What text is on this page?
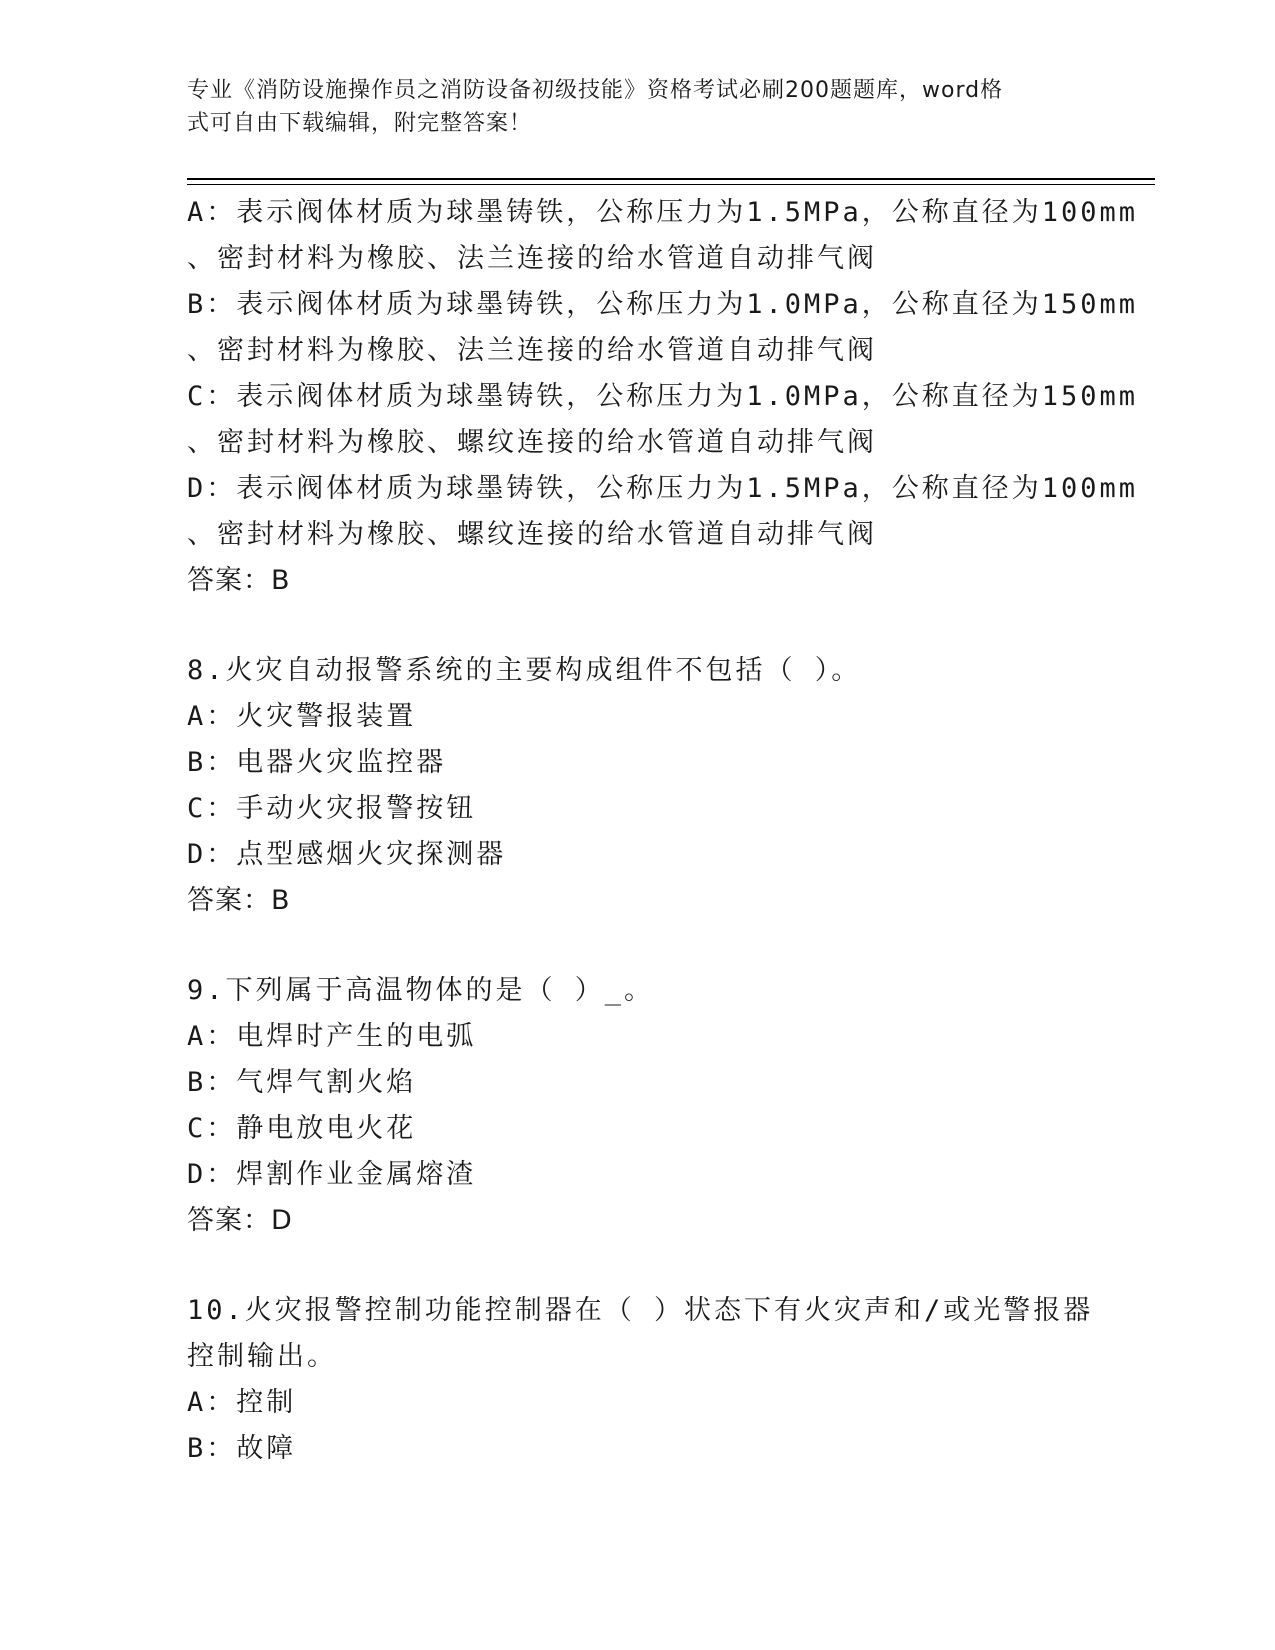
专业《消防设施操作员之消防设备初级技能》资格考试必刷200题题库，word格
式可自由下载编辑，附完整答案！
A：表示阀体材质为球墨铸铁，公称压力为1.5MPa，公称直径为100mm
、密封材料为橡胶、法兰连接的给水管道自动排气阀
B：表示阀体材质为球墨铸铁，公称压力为1.0MPa，公称直径为150mm
、密封材料为橡胶、法兰连接的给水管道自动排气阀
C：表示阀体材质为球墨铸铁，公称压力为1.0MPa，公称直径为150mm
、密封材料为橡胶、螺纹连接的给水管道自动排气阀
D：表示阀体材质为球墨铸铁，公称压力为1.5MPa，公称直径为100mm
、密封材料为橡胶、螺纹连接的给水管道自动排气阀
答案：B
8.火灾自动报警系统的主要构成组件不包括（ ）。
A：火灾警报装置
B：电器火灾监控器
C：手动火灾报警按钮
D：点型感烟火灾探测器
答案：B
9.下列属于高温物体的是（ ）_。
A：电焊时产生的电弧
B：气焊气割火焰
C：静电放电火花
D：焊割作业金属熔渣
答案：D
10.火灾报警控制功能控制器在（ ）状态下有火灾声和/或光警报器
控制输出。
A：控制
B：故障
